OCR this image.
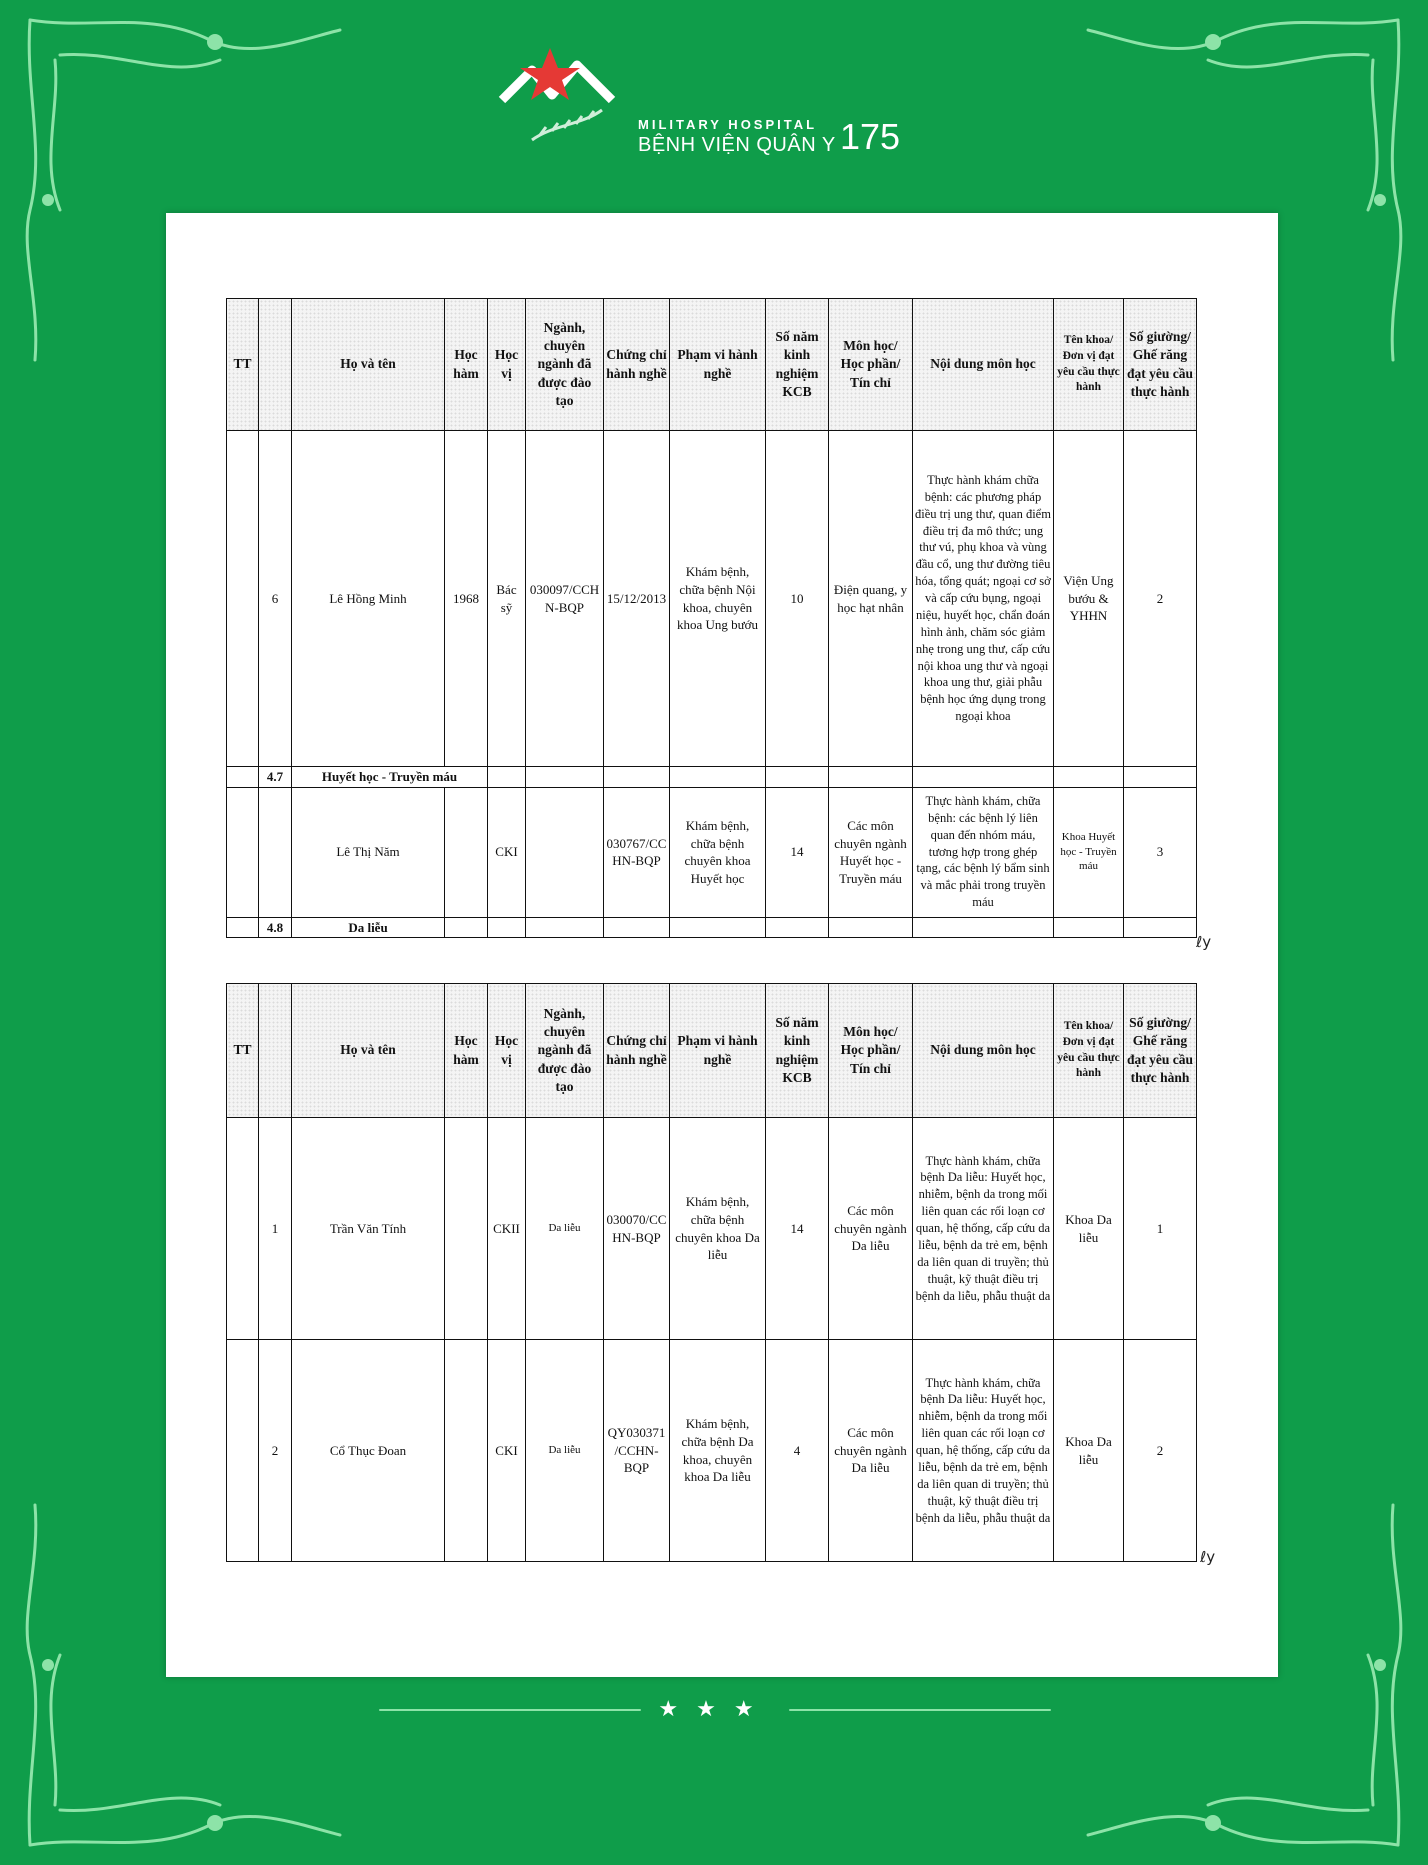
MILITARY HOSPITAL
BỆNH VIỆN QUÂN Y 175
TT		Họ và tên	Học hàm	Học vị	Ngành, chuyên ngành đã được đào tạo	Chứng chỉ hành nghề	Phạm vi hành nghề	Số năm kinh nghiệm KCB	Môn học/ Học phần/ Tín chỉ	Nội dung môn học	Tên khoa/ Đơn vị đạt yêu cầu thực hành	Số giường/ Ghế răng đạt yêu cầu thực hành
	6	Lê Hồng Minh	1968	Bác sỹ	030097/CCHN-BQP	15/12/2013	Khám bệnh, chữa bệnh Nội khoa, chuyên khoa Ung bướu	10	Điện quang, y học hạt nhân	Thực hành khám chữa bệnh: các phương pháp điều trị ung thư, quan điểm điều trị đa mô thức; ung thư vú, phụ khoa và vùng đầu cổ, ung thư đường tiêu hóa, tổng quát; ngoại cơ sở và cấp cứu bụng, ngoại niệu, huyết học, chẩn đoán hình ảnh, chăm sóc giảm nhẹ trong ung thư, cấp cứu nội khoa ung thư và ngoại khoa ung thư, giải phẫu bệnh học ứng dụng trong ngoại khoa	Viện Ung bướu & YHHN	2
	4.7	Huyết học - Truyền máu										
		Lê Thị Năm		CKI		030767/CCHN-BQP	Khám bệnh, chữa bệnh chuyên khoa Huyết học	14	Các môn chuyên ngành Huyết học - Truyền máu	Thực hành khám, chữa bệnh: các bệnh lý liên quan đến nhóm máu, tương hợp trong ghép tạng, các bệnh lý bẩm sinh và mắc phải trong truyền máu	Khoa Huyết học - Truyền máu	3
	4.8	Da liễu										
ℓy
TT		Họ và tên	Học hàm	Học vị	Ngành, chuyên ngành đã được đào tạo	Chứng chỉ hành nghề	Phạm vi hành nghề	Số năm kinh nghiệm KCB	Môn học/ Học phần/ Tín chỉ	Nội dung môn học	Tên khoa/ Đơn vị đạt yêu cầu thực hành	Số giường/ Ghế răng đạt yêu cầu thực hành
	1	Trần Văn Tính		CKII	Da liễu	030070/CCHN-BQP	Khám bệnh, chữa bệnh chuyên khoa Da liễu	14	Các môn chuyên ngành Da liễu	Thực hành khám, chữa bệnh Da liễu: Huyết học, nhiễm, bệnh da trong mối liên quan các rối loạn cơ quan, hệ thống, cấp cứu da liễu, bệnh da trẻ em, bệnh da liên quan di truyền; thủ thuật, kỹ thuật điều trị bệnh da liễu, phẫu thuật da	Khoa Da liễu	1
	2	Cổ Thục Đoan		CKI	Da liễu	QY030371/CCHN-BQP	Khám bệnh, chữa bệnh Da khoa, chuyên khoa Da liễu	4	Các môn chuyên ngành Da liễu	Thực hành khám, chữa bệnh Da liễu: Huyết học, nhiễm, bệnh da trong mối liên quan các rối loạn cơ quan, hệ thống, cấp cứu da liễu, bệnh da trẻ em, bệnh da liên quan di truyền; thủ thuật, kỹ thuật điều trị bệnh da liễu, phẫu thuật da	Khoa Da liễu	2
ℓy
★★★
